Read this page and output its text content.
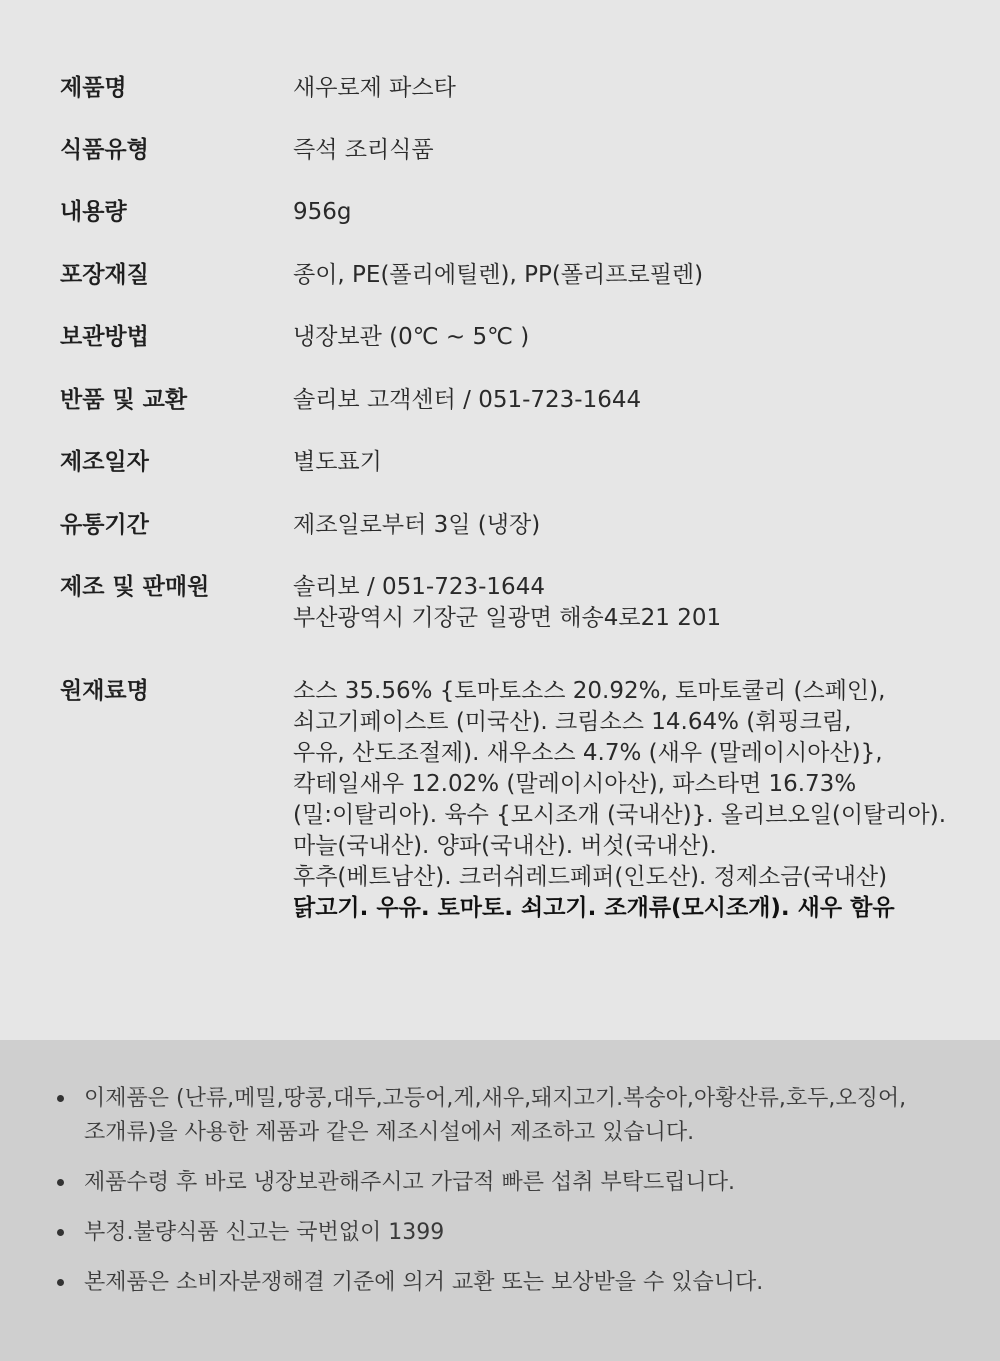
제품명	새우로제 파스타
식품유형	즉석 조리식품
내용량	956g
포장재질	종이, PE(폴리에틸렌), PP(폴리프로필렌)
보관방법	냉장보관 (0℃ ~ 5℃ )
반품 및 교환	솔리보 고객센터 / 051-723-1644
제조일자	별도표기
유통기간	제조일로부터 3일 (냉장)
제조 및 판매원	솔리보 / 051-723-1644
부산광역시 기장군 일광면 해송4로21 201
원재료명	소스 35.56% {토마토소스 20.92%, 토마토쿨리 (스페인),
쇠고기페이스트 (미국산). 크림소스 14.64% (휘핑크림,
우유, 산도조절제). 새우소스 4.7% (새우 (말레이시아산)},
칵테일새우 12.02% (말레이시아산), 파스타면 16.73%
(밀:이탈리아). 육수 {모시조개 (국내산)}. 올리브오일(이탈리아).
마늘(국내산). 양파(국내산). 버섯(국내산).
후추(베트남산). 크러쉬레드페퍼(인도산). 정제소금(국내산)
닭고기. 우유. 토마토. 쇠고기. 조개류(모시조개). 새우 함유
이제품은 (난류,메밀,땅콩,대두,고등어,게,새우,돼지고기.복숭아,아황산류,호두,오징어,
조개류)을 사용한 제품과 같은 제조시설에서 제조하고 있습니다.
제품수령 후 바로 냉장보관해주시고 가급적 빠른 섭취 부탁드립니다.
부정.불량식품 신고는 국번없이 1399
본제품은 소비자분쟁해결 기준에 의거 교환 또는 보상받을 수 있습니다.
